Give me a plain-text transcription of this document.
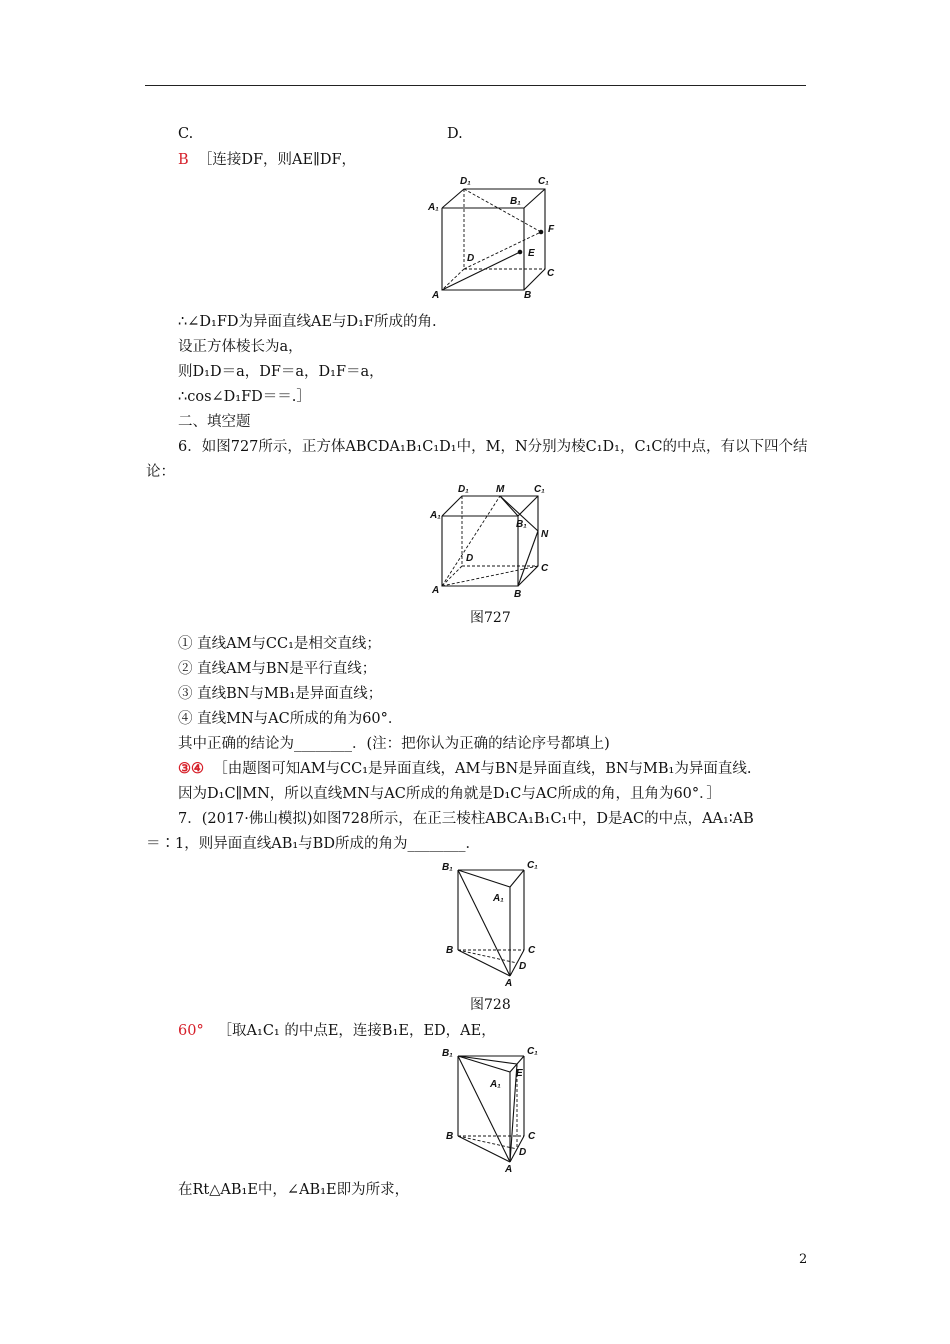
C.	D.
B ［连接DF，则AE∥DF，
D₁	C₁
A₁
B₁
F
E
D
C
A	B
∴∠D₁FD为异面直线AE与D₁F所成的角.
设正方体棱长为a，
则D₁D＝a，DF＝a，D₁F＝a，
∴cos∠D₁FD＝＝.］
二、填空题
6．如图727所示，正方体ABCDA₁B₁C₁D₁中，M，N分别为棱C₁D₁，C₁C的中点，有以下四个结
论：
D₁	M	C₁
A₁
B₁
N
D
C
A	B
图727
① 直线AM与CC₁是相交直线；
② 直线AM与BN是平行直线；
③ 直线BN与MB₁是异面直线；
④ 直线MN与AC所成的角为60°．
其中正确的结论为________．(注：把你认为正确的结论序号都填上)
③④ ［由题图可知AM与CC₁是异面直线，AM与BN是异面直线，BN与MB₁为异面直线.
因为D₁C∥MN，所以直线MN与AC所成的角就是D₁C与AC所成的角，且角为60°．］
7．(2017·佛山模拟)如图728所示，在正三棱柱ABCA₁B₁C₁中，D是AC的中点，AA₁∶AB
＝∶1，则异面直线AB₁与BD所成的角为________．
B₁	C₁
A₁
B	C
D
A
图728
60° ［取A₁C₁ 的中点E，连接B₁E，ED，AE，
B₁	C₁
A₁
E
B	C
D
A
在Rt△AB₁E中，∠AB₁E即为所求，
2
